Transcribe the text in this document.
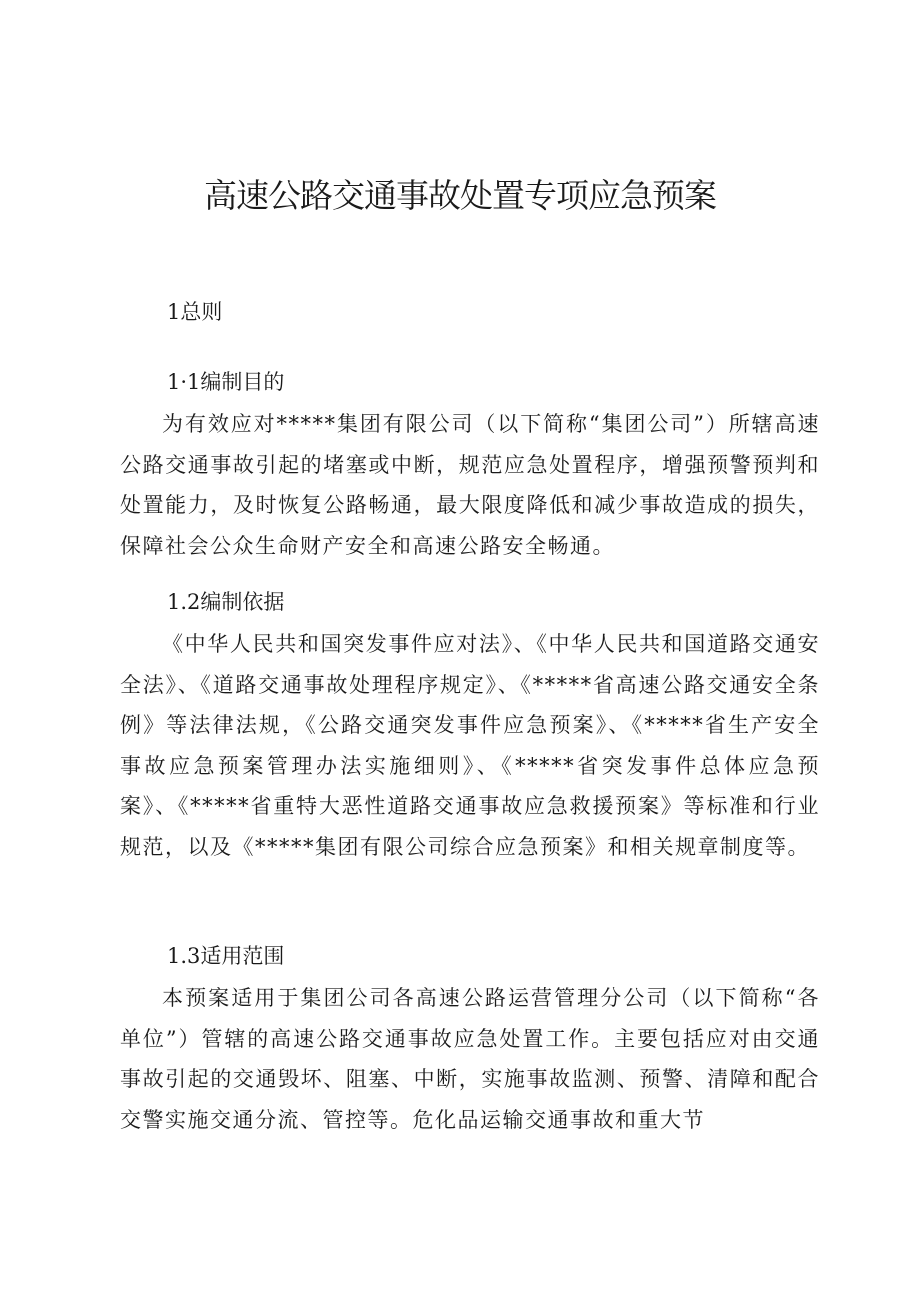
高速公路交通事故处置专项应急预案

1总则

1·1编制目的

为有效应对*****集团有限公司（以下简称“集团公司”）所辖高速公路交通事故引起的堵塞或中断，规范应急处置程序，增强预警预判和处置能力，及时恢复公路畅通，最大限度降低和减少事故造成的损失，保障社会公众生命财产安全和高速公路安全畅通。

1.2编制依据

《中华人民共和国突发事件应对法》、《中华人民共和国道路交通安全法》、《道路交通事故处理程序规定》、《*****省高速公路交通安全条例》等法律法规，《公路交通突发事件应急预案》、《*****省生产安全事故应急预案管理办法实施细则》、《*****省突发事件总体应急预案》、《*****省重特大恶性道路交通事故应急救援预案》等标准和行业规范，以及《*****集团有限公司综合应急预案》和相关规章制度等。

1.3适用范围

本预案适用于集团公司各高速公路运营管理分公司（以下简称“各单位”）管辖的高速公路交通事故应急处置工作。主要包括应对由交通事故引起的交通毁坏、阻塞、中断，实施事故监测、预警、清障和配合交警实施交通分流、管控等。危化品运输交通事故和重大节
